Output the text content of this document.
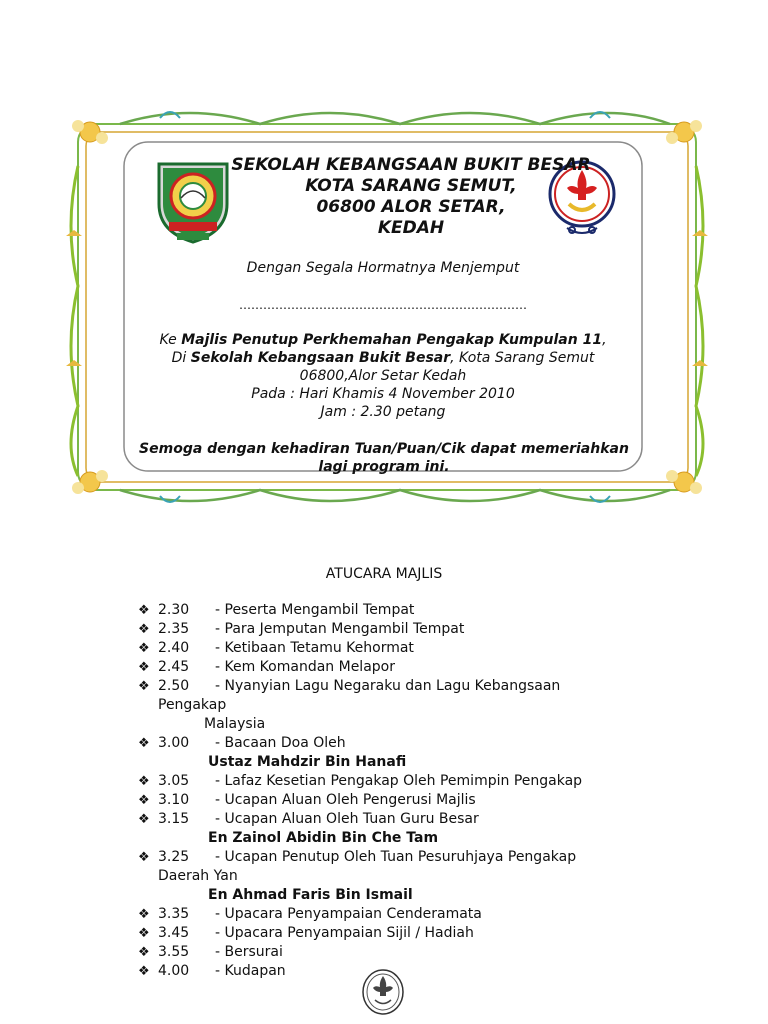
SEKOLAH KEBANGSAAN BUKIT BESAR
KOTA SARANG SEMUT,
06800 ALOR SETAR,
KEDAH
Dengan Segala Hormatnya Menjemput
………………………………………………………………
Ke Majlis Penutup Perkhemahan Pengakap Kumpulan 11,
Di Sekolah Kebangsaan Bukit Besar, Kota Sarang Semut
06800,Alor Setar Kedah
Pada : Hari Khamis 4 November 2010
Jam : 2.30 petang
Semoga dengan kehadiran Tuan/Puan/Cik dapat memeriahkan
lagi program ini.
ATUCARA MAJLIS
❖ 2.30 - Peserta Mengambil Tempat
❖ 2.35 - Para Jemputan Mengambil Tempat
❖ 2.40 - Ketibaan Tetamu Kehormat
❖ 2.45 - Kem Komandan Melapor
❖ 2.50 - Nyanyian Lagu Negaraku dan Lagu Kebangsaan
Pengakap
Malaysia
❖ 3.00 - Bacaan Doa Oleh
Ustaz Mahdzir Bin Hanafi
❖ 3.05 - Lafaz Kesetian Pengakap Oleh Pemimpin Pengakap
❖ 3.10 - Ucapan Aluan Oleh Pengerusi Majlis
❖ 3.15 - Ucapan Aluan Oleh Tuan Guru Besar
En Zainol Abidin Bin Che Tam
❖ 3.25 - Ucapan Penutup Oleh Tuan Pesuruhjaya Pengakap
Daerah Yan
En Ahmad Faris Bin Ismail
❖ 3.35 - Upacara Penyampaian Cenderamata
❖ 3.45 - Upacara Penyampaian Sijil / Hadiah
❖ 3.55 - Bersurai
❖ 4.00 - Kudapan
